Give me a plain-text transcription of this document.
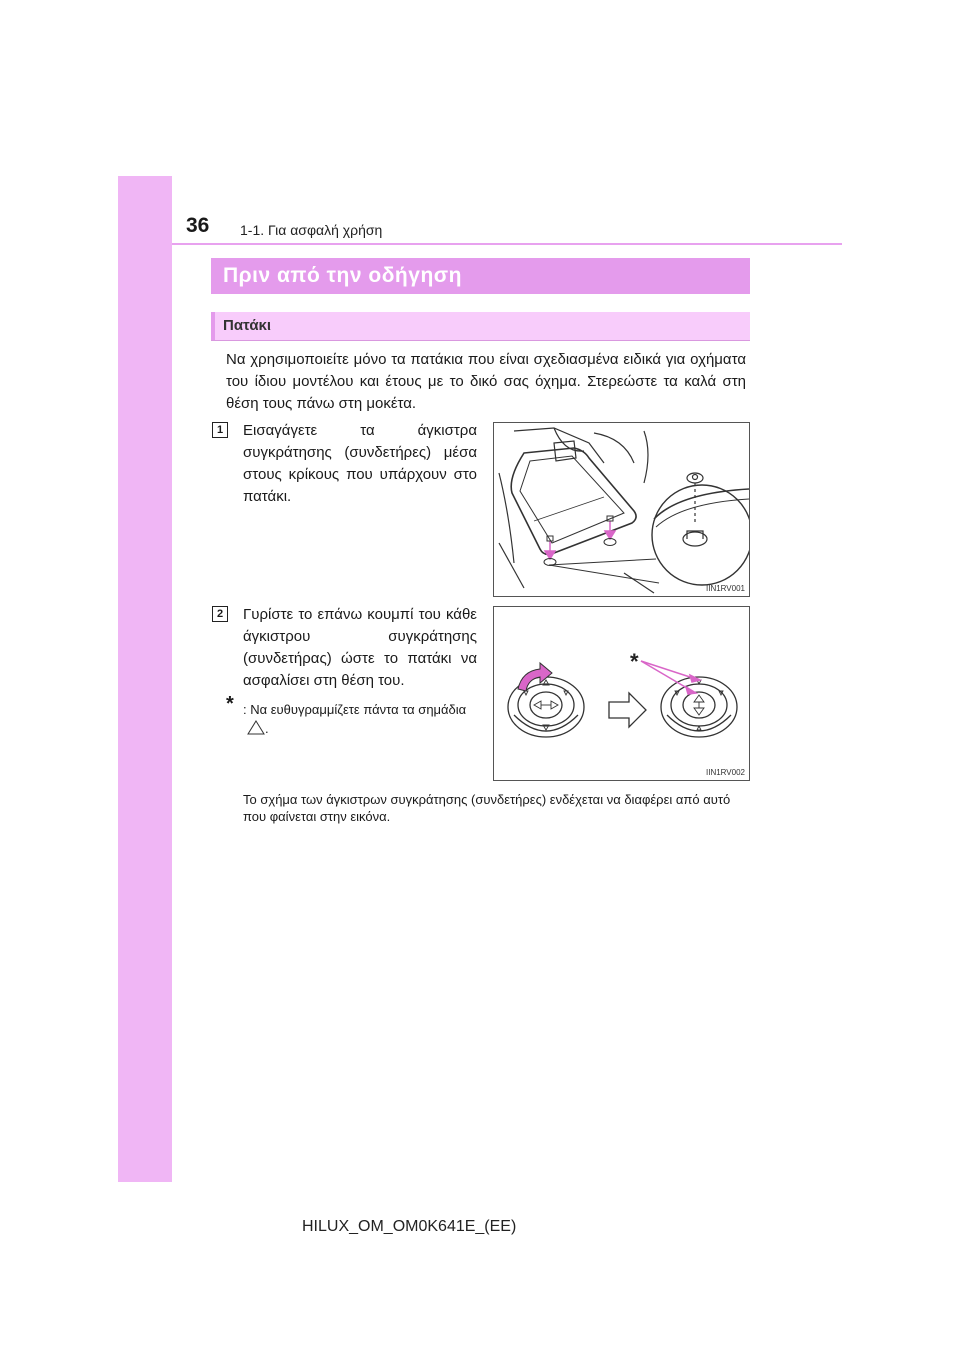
36 1-1. Για ασφαλή χρήση
Πριν από την οδήγηση
Πατάκι
Να χρησιμοποιείτε μόνο τα πατάκια που είναι σχεδιασμένα ειδικά για οχήματα του ίδιου μοντέλου και έτους με το δικό σας όχημα. Στερεώστε τα καλά στη θέση τους πάνω στη μοκέτα.
1	Εισαγάγετε τα άγκιστρα συγκράτησης (συνδετήρες) μέσα στους κρίκους που υπάρχουν στο πατάκι.
IIN1RV001
2	Γυρίστε το επάνω κουμπί του κάθε άγκιστρου συγκράτησης (συνδετήρας) ώστε το πατάκι να ασφαλίσει στη θέση του.
* : Να ευθυγραμμίζετε πάντα τα σημάδια.
*
IIN1RV002
Το σχήμα των άγκιστρων συγκράτησης (συνδετήρες) ενδέχεται να διαφέρει από αυτό που φαίνεται στην εικόνα.
HILUX_OM_OM0K641E_(EE)
